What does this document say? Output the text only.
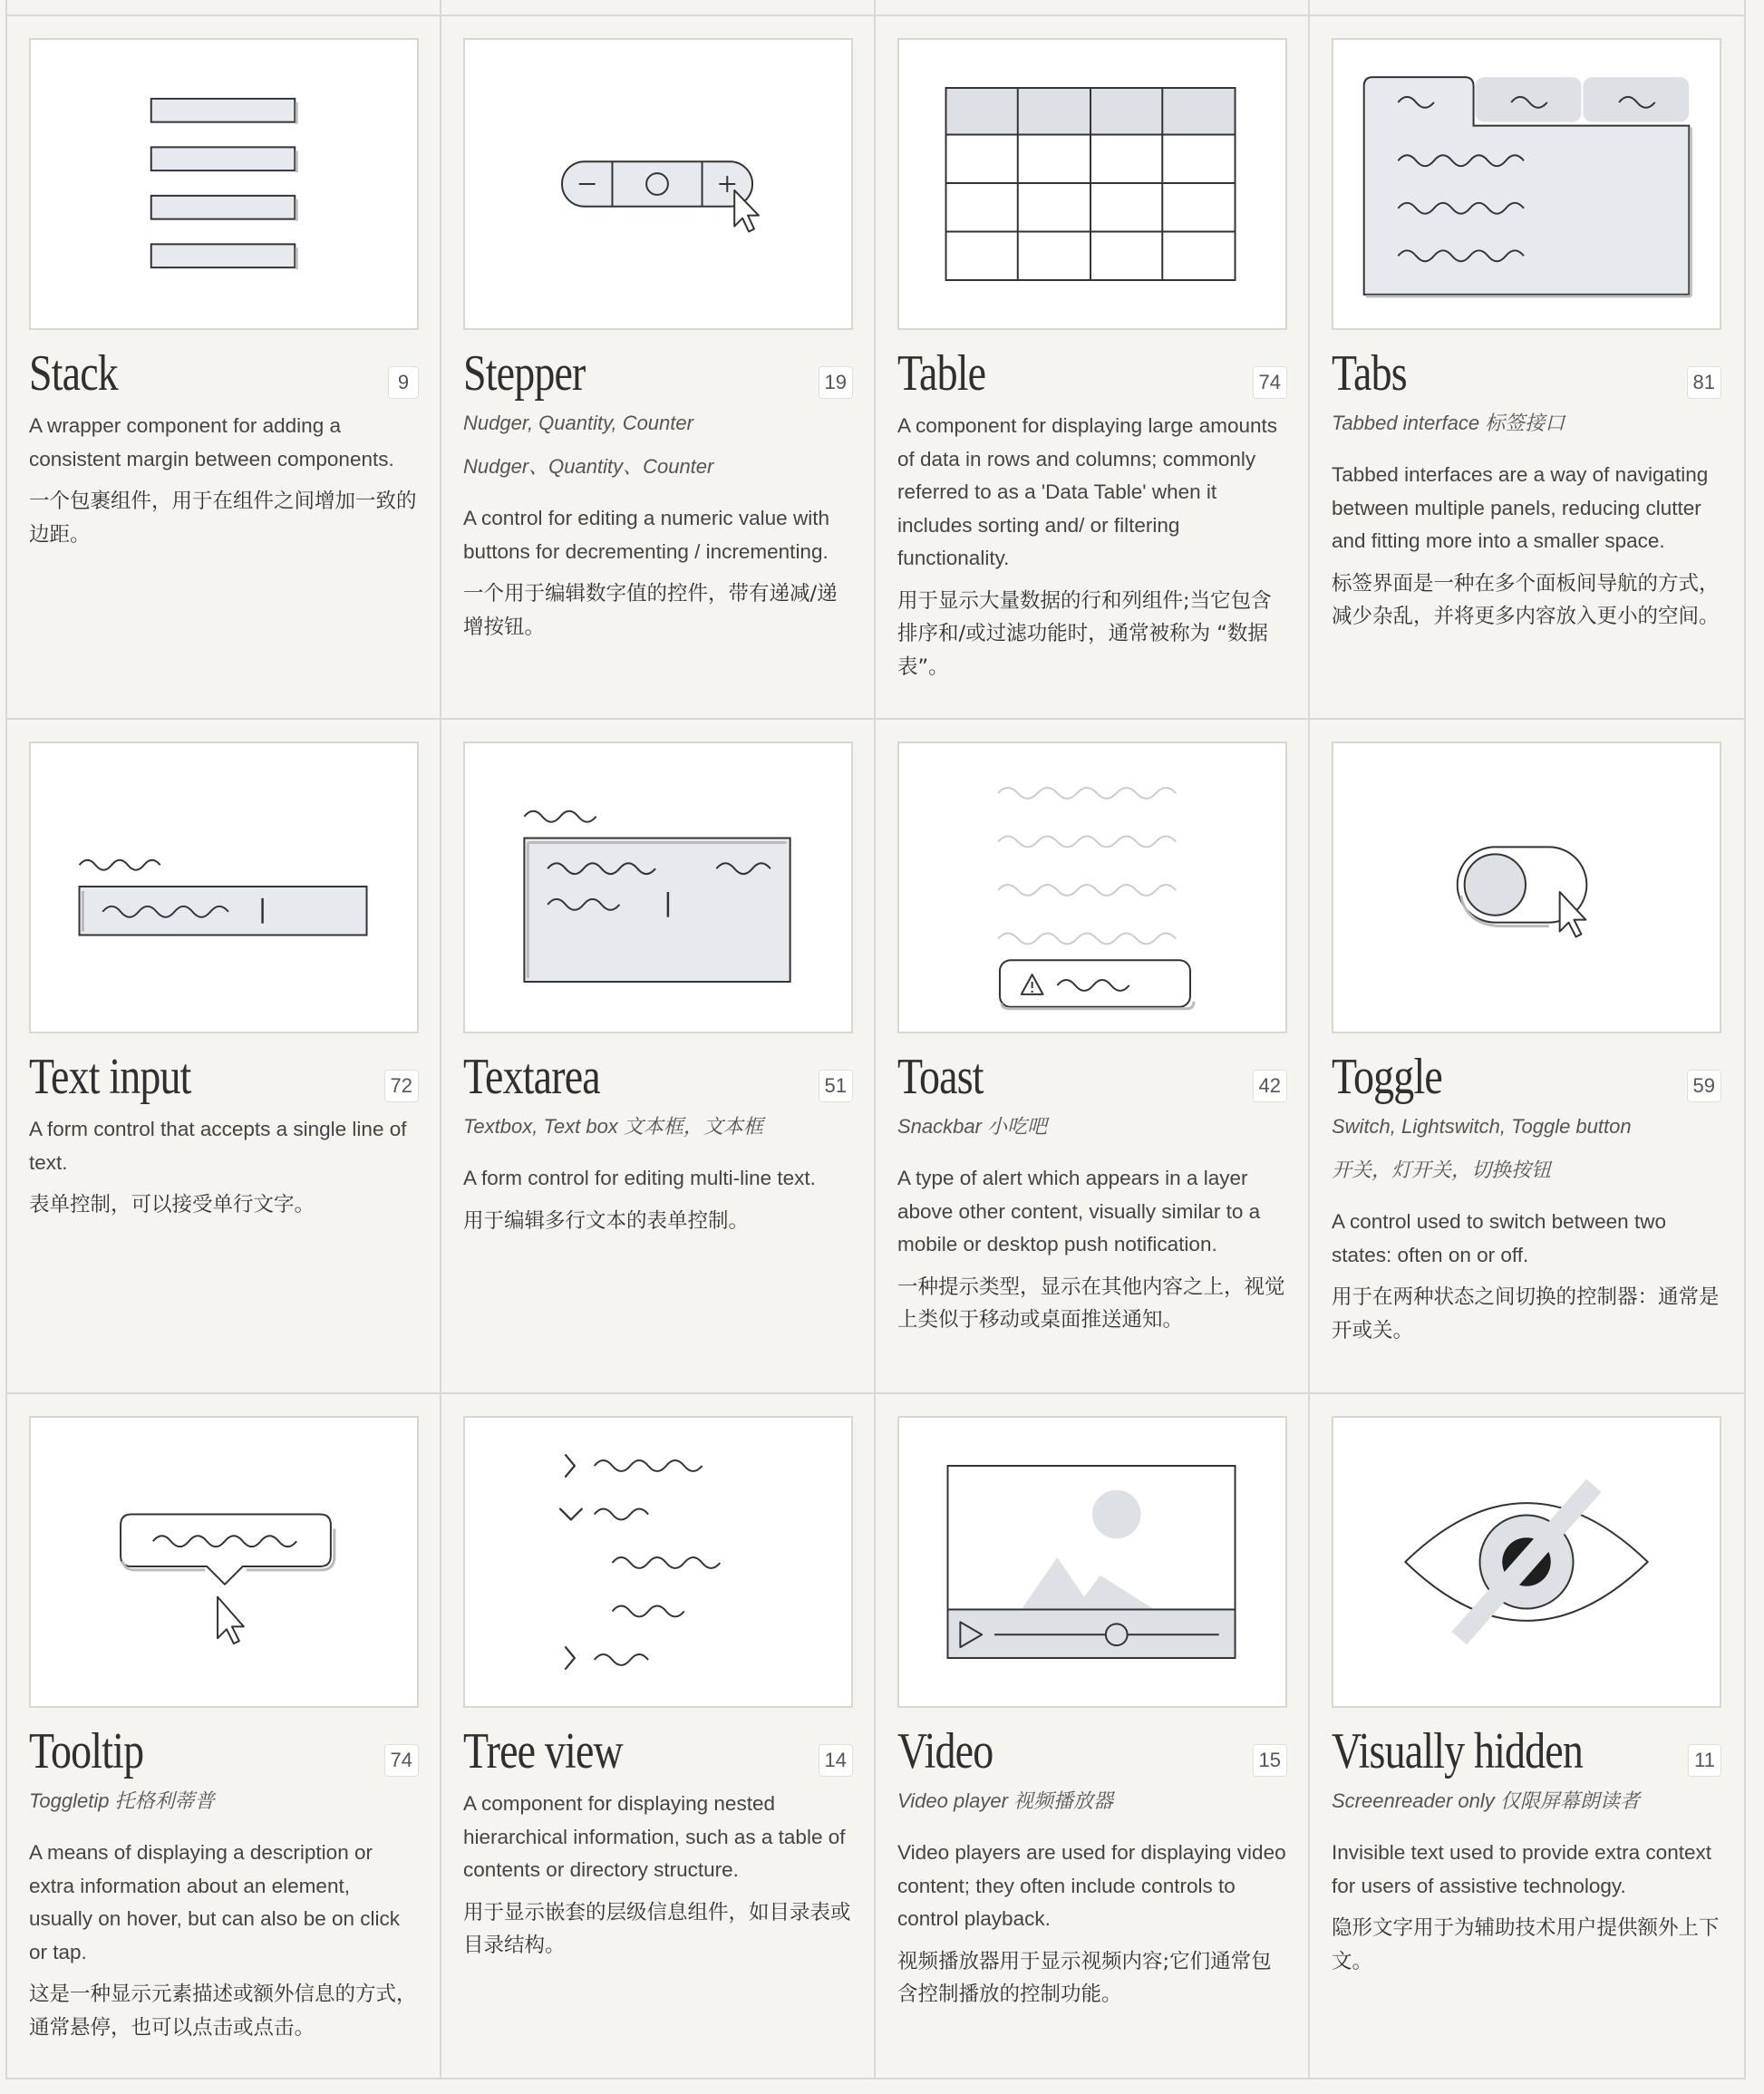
Stack	9
A wrapper component for adding a consistent margin between components.
一个包裹组件，用于在组件之间增加一致的边距。
Stepper	19
Nudger, Quantity, Counter
Nudger、Quantity、Counter
A control for editing a numeric value with buttons for decrementing / incrementing.
一个用于编辑数字值的控件，带有递减/递增按钮。
Table	74
A component for displaying large amounts of data in rows and columns; commonly referred to as a 'Data Table' when it includes sorting and/ or filtering functionality.
用于显示大量数据的行和列组件;当它包含排序和/或过滤功能时，通常被称为 “数据表”。
Tabs	81
Tabbed interface 标签接口
Tabbed interfaces are a way of navigating between multiple panels, reducing clutter and fitting more into a smaller space.
标签界面是一种在多个面板间导航的方式，减少杂乱，并将更多内容放入更小的空间。
Text input	72
A form control that accepts a single line of text.
表单控制，可以接受单行文字。
Textarea	51
Textbox, Text box 文本框，文本框
A form control for editing multi-line text.
用于编辑多行文本的表单控制。
Toast	42
Snackbar 小吃吧
A type of alert which appears in a layer above other content, visually similar to a mobile or desktop push notification.
一种提示类型，显示在其他内容之上，视觉上类似于移动或桌面推送通知。
Toggle	59
Switch, Lightswitch, Toggle button
开关，灯开关，切换按钮
A control used to switch between two states: often on or off.
用于在两种状态之间切换的控制器：通常是开或关。
Tooltip	74
Toggletip 托格利蒂普
A means of displaying a description or extra information about an element, usually on hover, but can also be on click or tap.
这是一种显示元素描述或额外信息的方式，通常悬停，也可以点击或点击。
Tree view	14
A component for displaying nested hierarchical information, such as a table of contents or directory structure.
用于显示嵌套的层级信息组件，如目录表或目录结构。
Video	15
Video player 视频播放器
Video players are used for displaying video content; they often include controls to control playback.
视频播放器用于显示视频内容;它们通常包含控制播放的控制功能。
Visually hidden	11
Screenreader only 仅限屏幕朗读者
Invisible text used to provide extra context for users of assistive technology.
隐形文字用于为辅助技术用户提供额外上下文。
